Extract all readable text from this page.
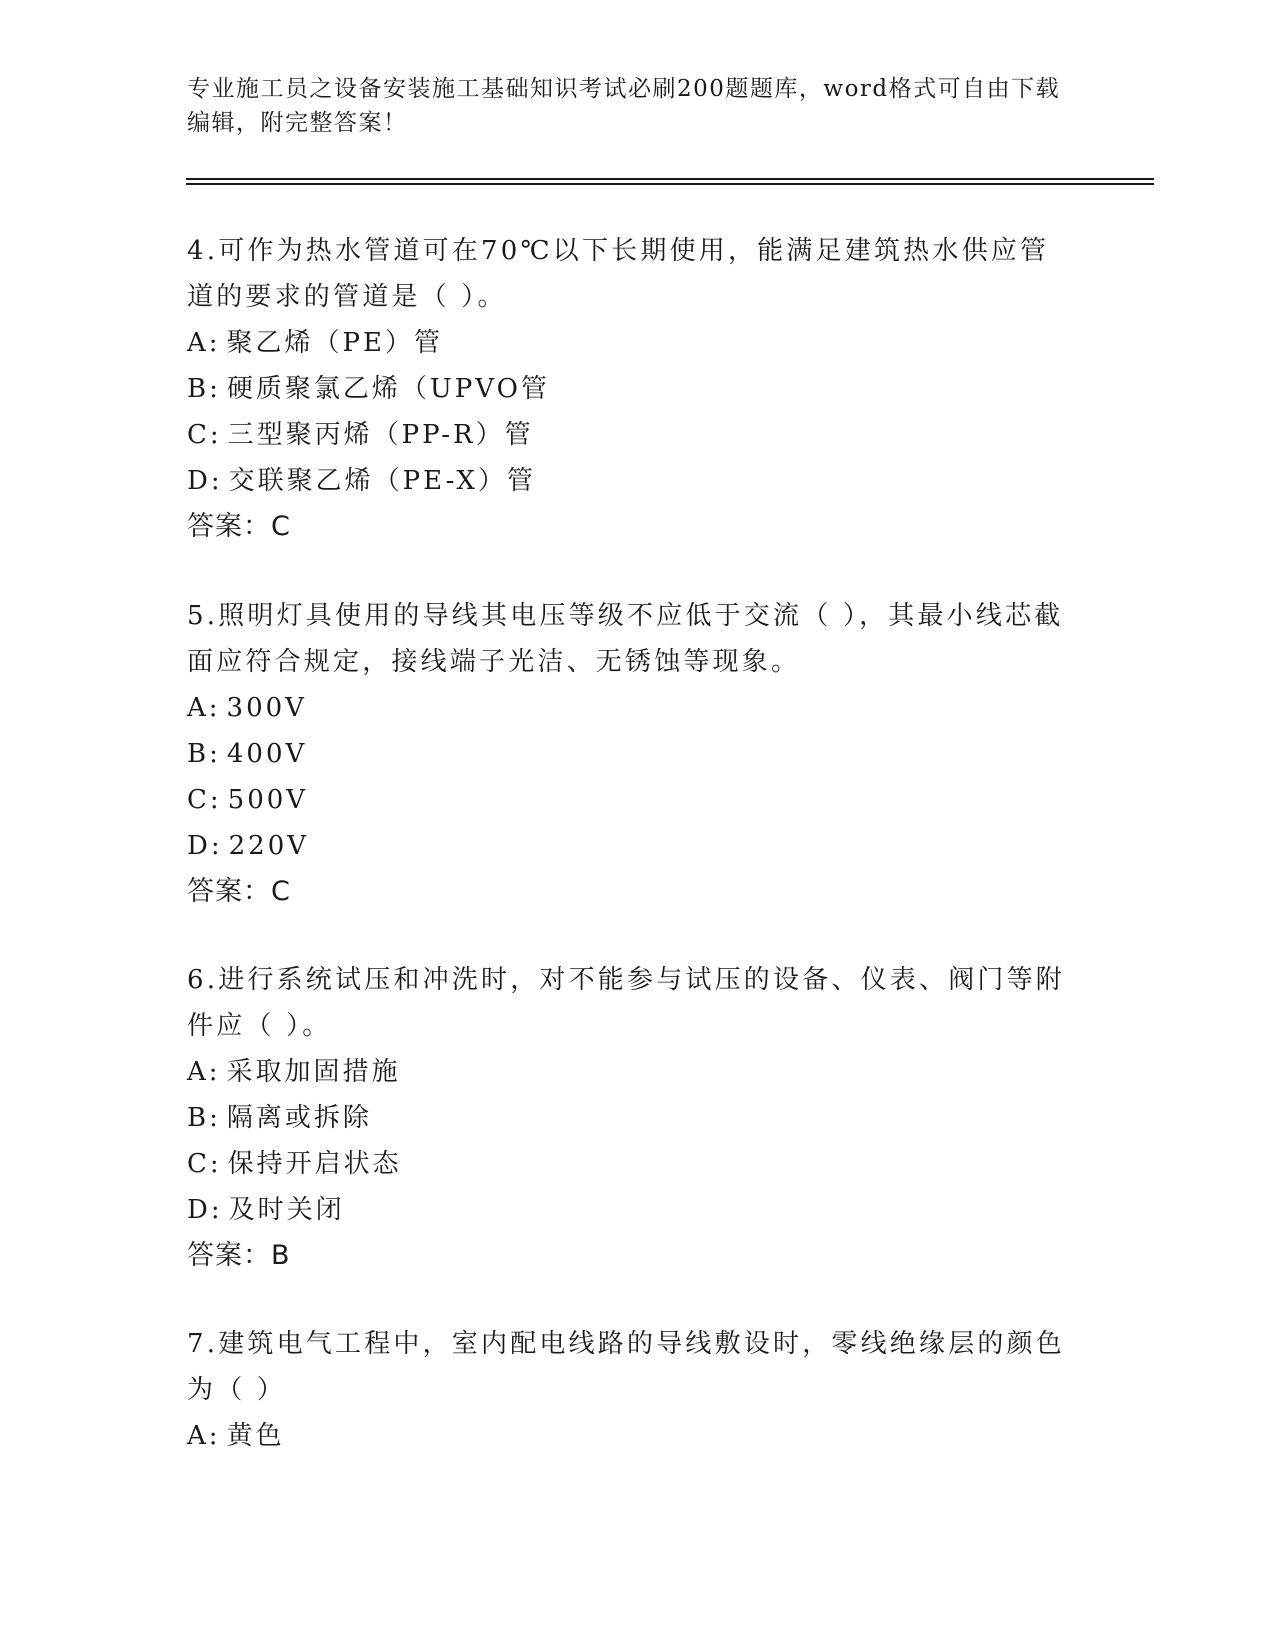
专业施工员之设备安装施工基础知识考试必刷200题题库，word格式可自由下载编辑，附完整答案！
4.可作为热水管道可在70℃以下长期使用，能满足建筑热水供应管道的要求的管道是（ ）。
A: 聚乙烯（PE）管
B: 硬质聚氯乙烯（UPVO管
C: 三型聚丙烯（PP-R）管
D: 交联聚乙烯（PE-X）管
答案：C
5.照明灯具使用的导线其电压等级不应低于交流（ ），其最小线芯截面应符合规定，接线端子光洁、无锈蚀等现象。
A: 300V
B: 400V
C: 500V
D: 220V
答案：C
6.进行系统试压和冲洗时，对不能参与试压的设备、仪表、阀门等附件应（ ）。
A: 采取加固措施
B: 隔离或拆除
C: 保持开启状态
D: 及时关闭
答案：B
7.建筑电气工程中，室内配电线路的导线敷设时，零线绝缘层的颜色为（ ）
A: 黄色
